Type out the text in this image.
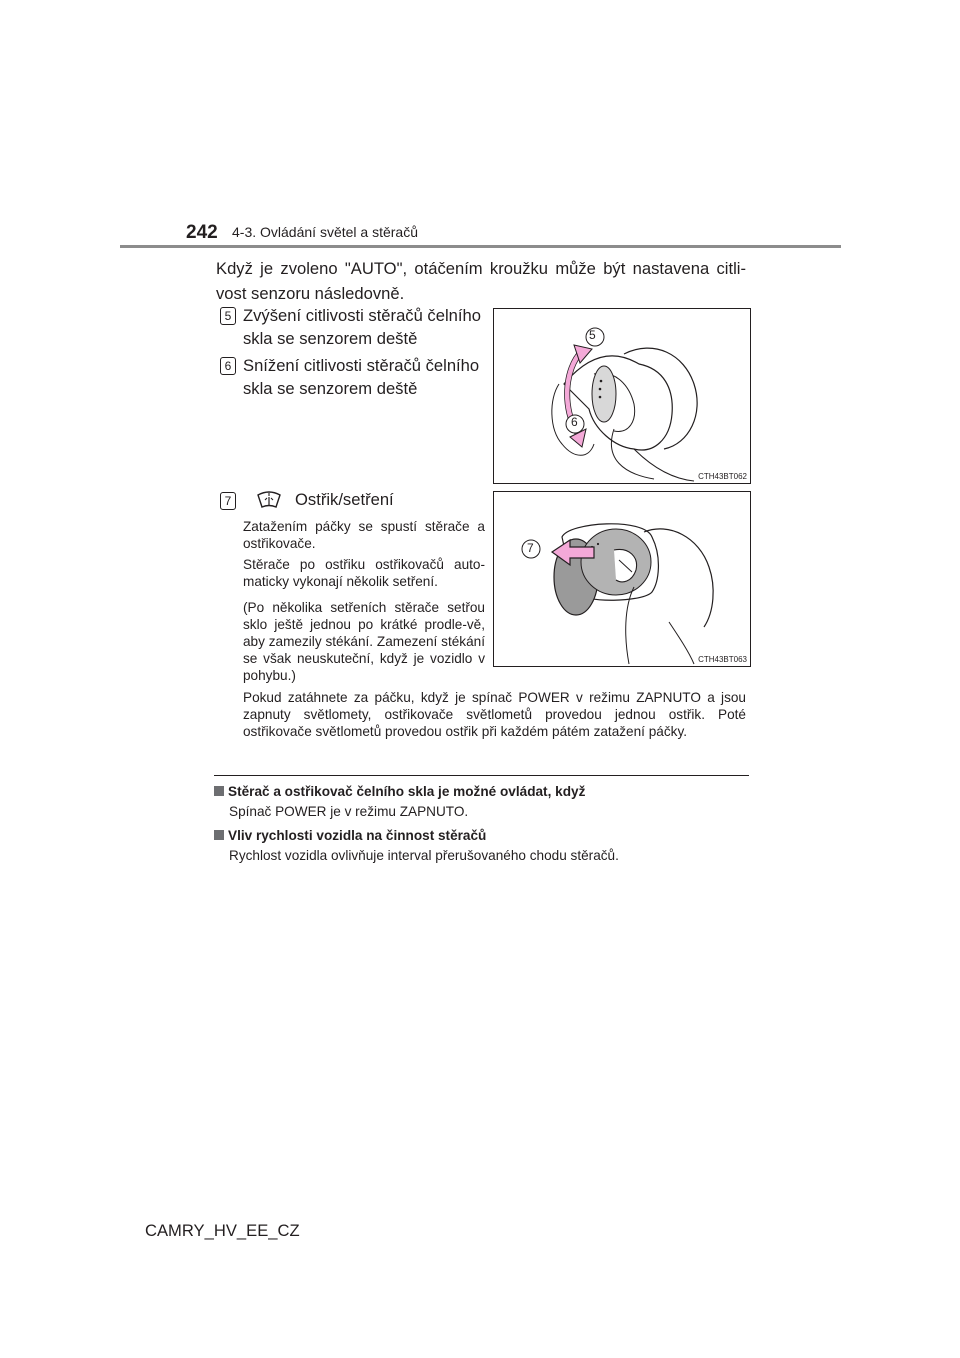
242 4-3. Ovládání světel a stěračů
Když je zvoleno "AUTO", otáčením kroužku může být nastavena citli-vost senzoru následovně.
5 Zvýšení citlivosti stěračů čelního
skla se senzorem deště
6 Snížení citlivosti stěračů čelního
skla se senzorem deště
5
6
CTH43BT062
7	Ostřik/setření
Zatažením páčky se spustí stěrače a ostřikovače.
Stěrače po ostřiku ostřikovačů auto-maticky vykonají několik setření.
(Po několika setřeních stěrače setřou sklo ještě jednou po krátké prodle-vě, aby zamezily stékání. Zamezení stékání se však neuskuteční, když je vozidlo v pohybu.)
7
CTH43BT063
Pokud zatáhnete za páčku, když je spínač POWER v režimu ZAPNUTO a jsou zapnuty světlomety, ostřikovače světlometů provedou jednou ostřik. Poté ostřikovače světlometů provedou ostřik při každém pátém zatažení páčky.
Stěrač a ostřikovač čelního skla je možné ovládat, když
Spínač POWER je v režimu ZAPNUTO.
Vliv rychlosti vozidla na činnost stěračů
Rychlost vozidla ovlivňuje interval přerušovaného chodu stěračů.
CAMRY_HV_EE_CZ
